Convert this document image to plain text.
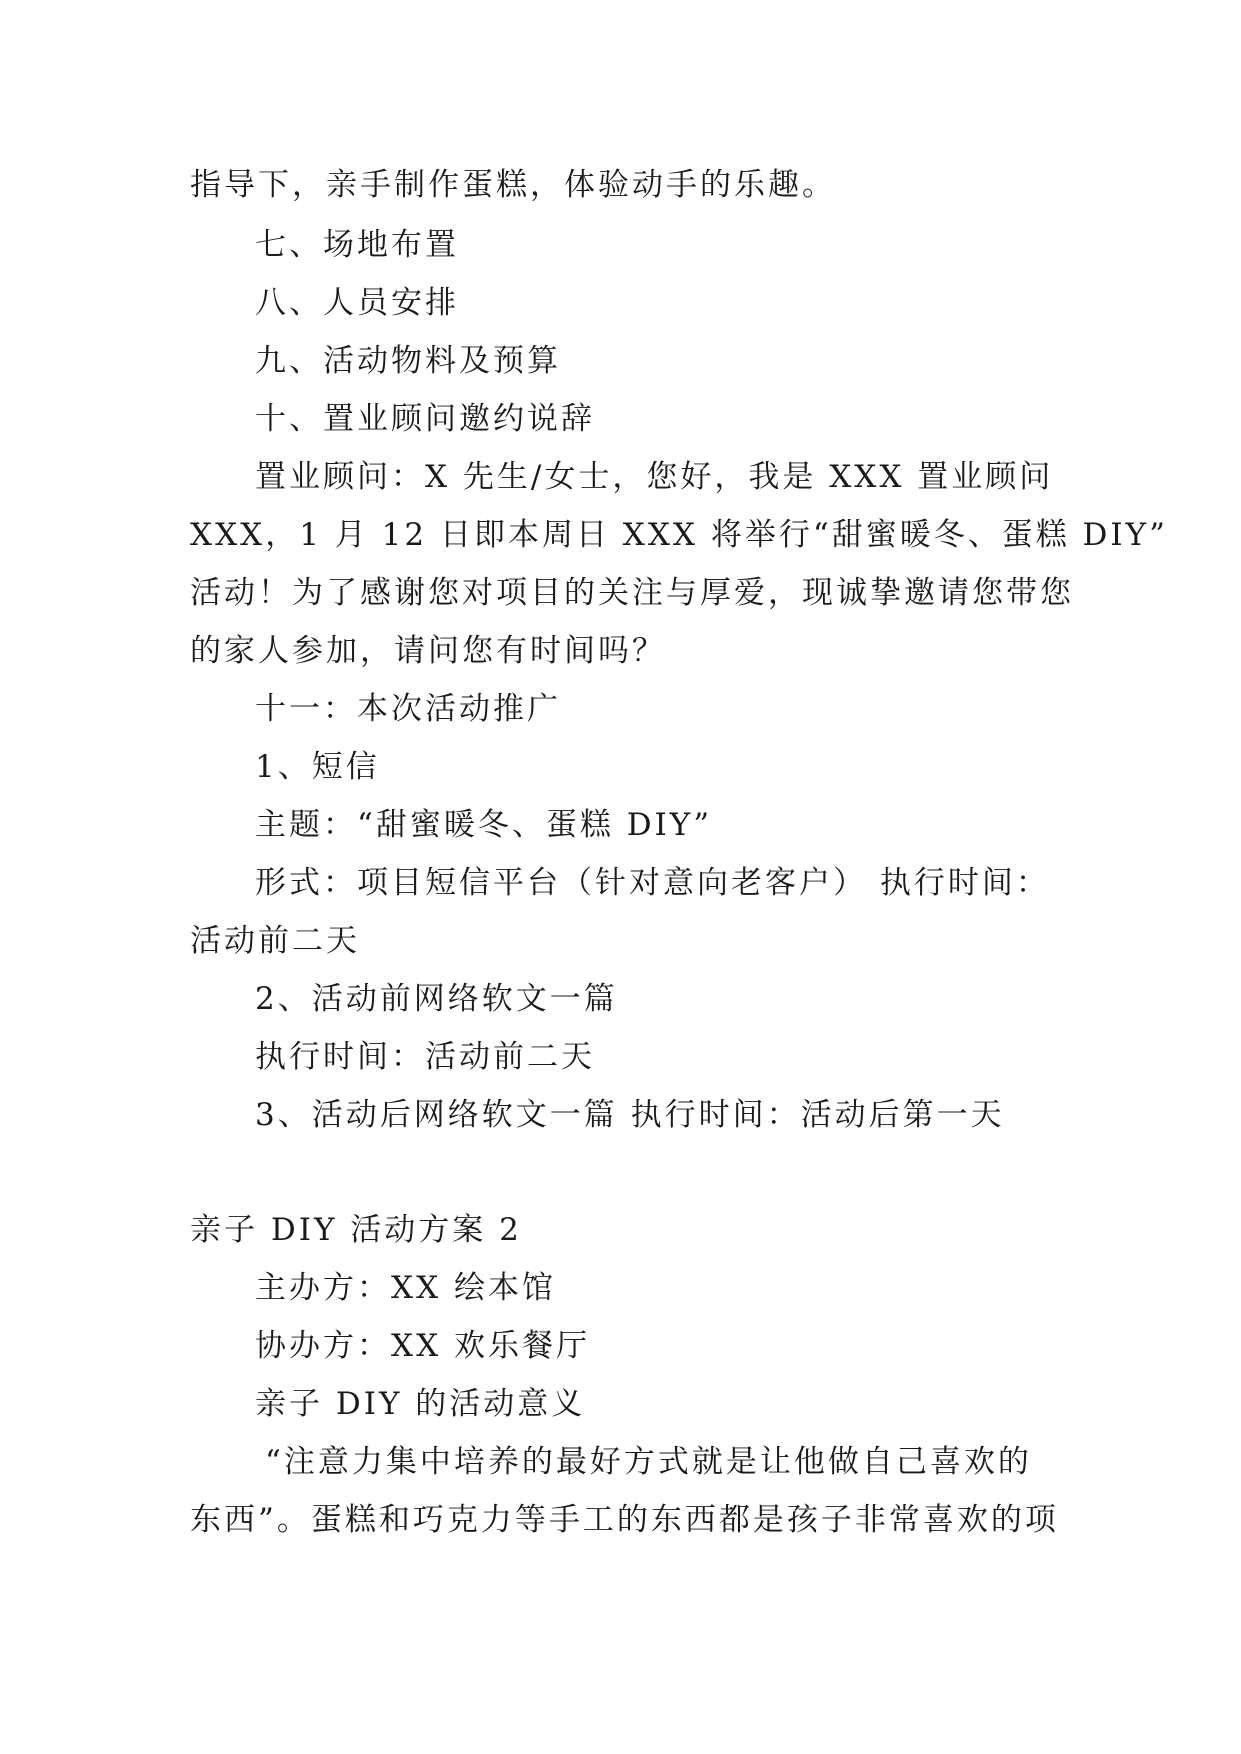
指导下，亲手制作蛋糕，体验动手的乐趣。
七、场地布置
八、人员安排
九、活动物料及预算
十、置业顾问邀约说辞
置业顾问：X 先生/女士，您好，我是 XXX 置业顾问
XXX，1 月 12 日即本周日 XXX 将举行“甜蜜暖冬、蛋糕 DIY”
活动！为了感谢您对项目的关注与厚爱，现诚挚邀请您带您
的家人参加，请问您有时间吗？
十一：本次活动推广
1、短信
主题：“甜蜜暖冬、蛋糕 DIY”
形式：项目短信平台（针对意向老客户） 执行时间：
活动前二天
2、活动前网络软文一篇
执行时间：活动前二天
3、活动后网络软文一篇 执行时间：活动后第一天
亲子 DIY 活动方案 2
主办方：XX 绘本馆
协办方：XX 欢乐餐厅
亲子 DIY 的活动意义
“注意力集中培养的最好方式就是让他做自己喜欢的
东西”。蛋糕和巧克力等手工的东西都是孩子非常喜欢的项
